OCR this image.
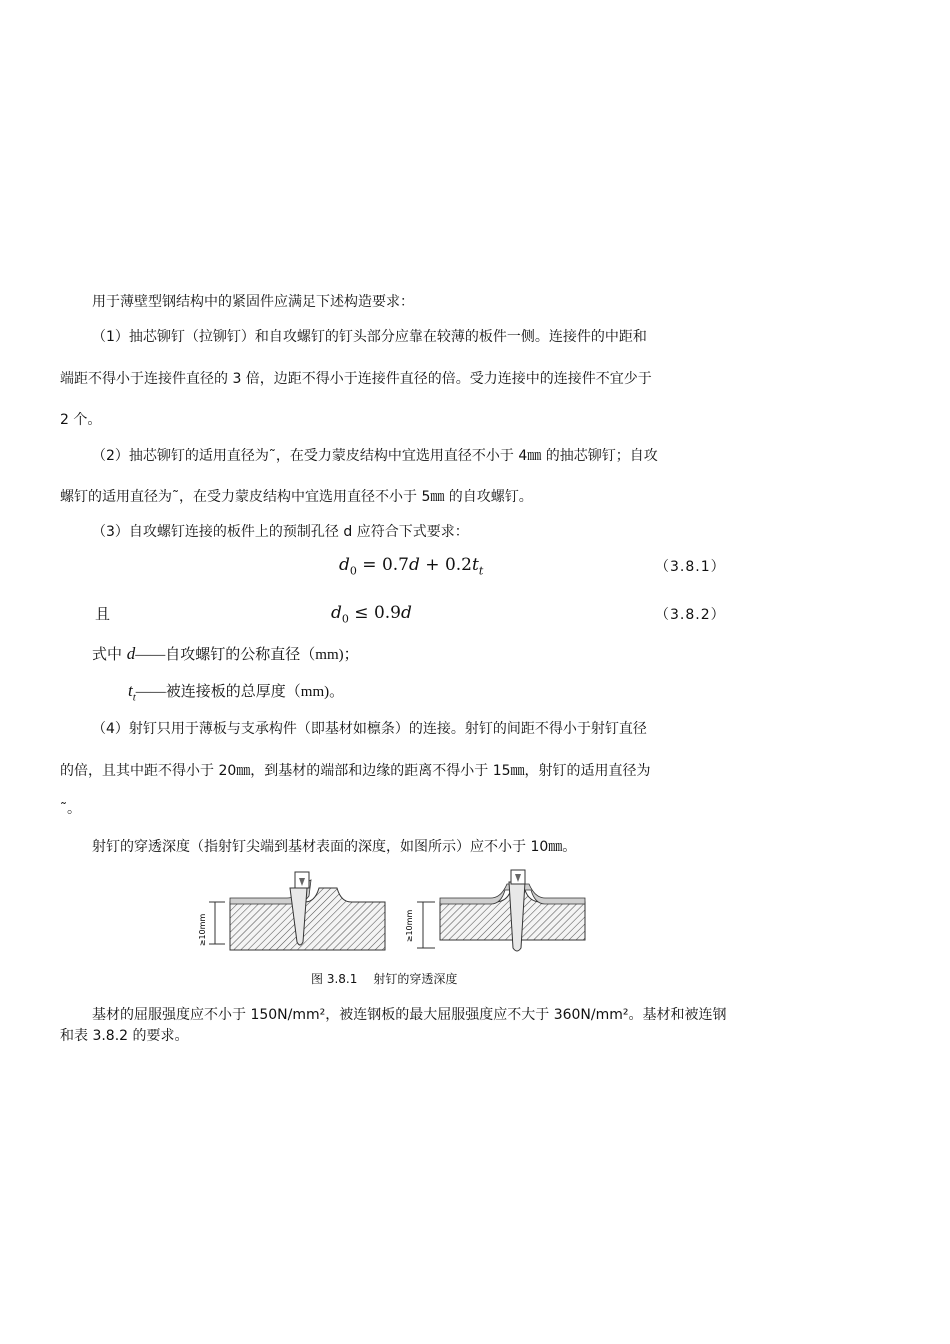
用于薄壁型钢结构中的紧固件应满足下述构造要求：
（1）抽芯铆钉（拉铆钉）和自攻螺钉的钉头部分应靠在较薄的板件一侧。连接件的中距和
端距不得小于连接件直径的 3 倍，边距不得小于连接件直径的倍。受力连接中的连接件不宜少于
2 个。
（2）抽芯铆钉的适用直径为˜，在受力蒙皮结构中宜选用直径不小于 4㎜ 的抽芯铆钉；自攻
螺钉的适用直径为˜，在受力蒙皮结构中宜选用直径不小于 5㎜ 的自攻螺钉。
（3）自攻螺钉连接的板件上的预制孔径 d 应符合下式要求：
$d_0 = 0.7d + 0.2t_t$	（3.8.1）
且	$d_0 \le 0.9d$	（3.8.2）
式中 d——自攻螺钉的公称直径（mm)；
$t_t——$被连接板的总厚度（mm)。
（4）射钉只用于薄板与支承构件（即基材如檩条）的连接。射钉的间距不得小于射钉直径
的倍，且其中距不得小于 20㎜，到基材的端部和边缘的距离不得小于 15㎜，射钉的适用直径为
˜。
射钉的穿透深度（指射钉尖端到基材表面的深度，如图所示）应不小于 10㎜。
≥10mm	≥10mm
图 3.8.1 射钉的穿透深度
基材的屈服强度应不小于 150N/mm²，被连钢板的最大屈服强度应不大于 360N/mm²。基材和被连钢
和表 3.8.2 的要求。
